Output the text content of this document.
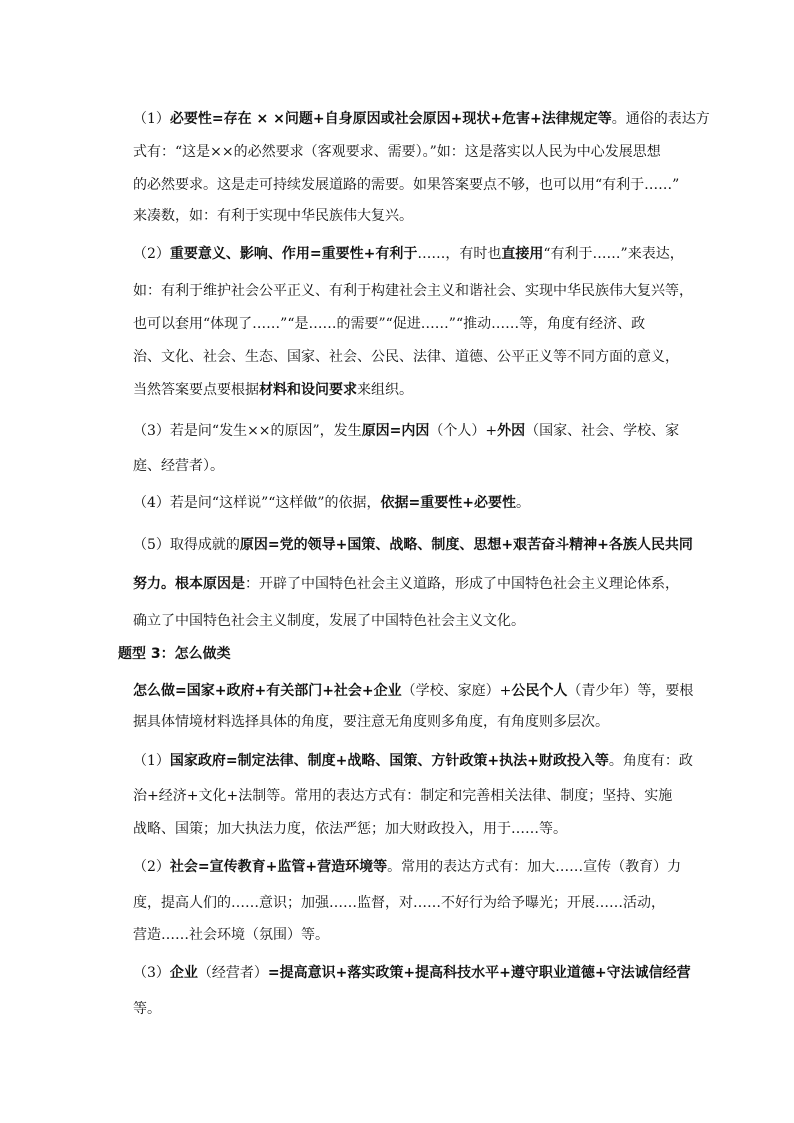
（1）必要性=存在 × ×问题+自身原因或社会原因+现状+危害+法律规定等。通俗的表达方
式有：“这是××的必然要求（客观要求、需要）。”如：这是落实以人民为中心发展思想
的必然要求。这是走可持续发展道路的需要。如果答案要点不够，也可以用“有利于……”
来凑数，如：有利于实现中华民族伟大复兴。
（2）重要意义、影响、作用=重要性+有利于……，有时也直接用“有利于……”来表达，
如：有利于维护社会公平正义、有利于构建社会主义和谐社会、实现中华民族伟大复兴等，
也可以套用“体现了……”“是……的需要”“促进……”“推动……等，角度有经济、政
治、文化、社会、生态、国家、社会、公民、法律、道德、公平正义等不同方面的意义，
当然答案要点要根据材料和设问要求来组织。
（3）若是问“发生××的原因”，发生原因=内因（个人）+外因（国家、社会、学校、家
庭、经营者）。
（4）若是问“这样说”“这样做”的依据，依据=重要性+必要性。
（5）取得成就的原因=党的领导+国策、战略、制度、思想+艰苦奋斗精神+各族人民共同
努力。根本原因是：开辟了中国特色社会主义道路，形成了中国特色社会主义理论体系，
确立了中国特色社会主义制度，发展了中国特色社会主义文化。
题型 3：怎么做类
怎么做=国家+政府+有关部门+社会+企业（学校、家庭）+公民个人（青少年）等，要根
据具体情境材料选择具体的角度，要注意无角度则多角度，有角度则多层次。
（1）国家政府=制定法律、制度+战略、国策、方针政策+执法+财政投入等。角度有：政
治+经济+文化+法制等。常用的表达方式有：制定和完善相关法律、制度；坚持、实施
战略、国策；加大执法力度，依法严惩；加大财政投入，用于……等。
（2）社会=宣传教育+监管+营造环境等。常用的表达方式有：加大……宣传（教育）力
度，提高人们的……意识；加强……监督，对……不好行为给予曝光；开展……活动，
营造……社会环境（氛围）等。
（3）企业（经营者）=提高意识+落实政策+提高科技水平+遵守职业道德+守法诚信经营
等。
